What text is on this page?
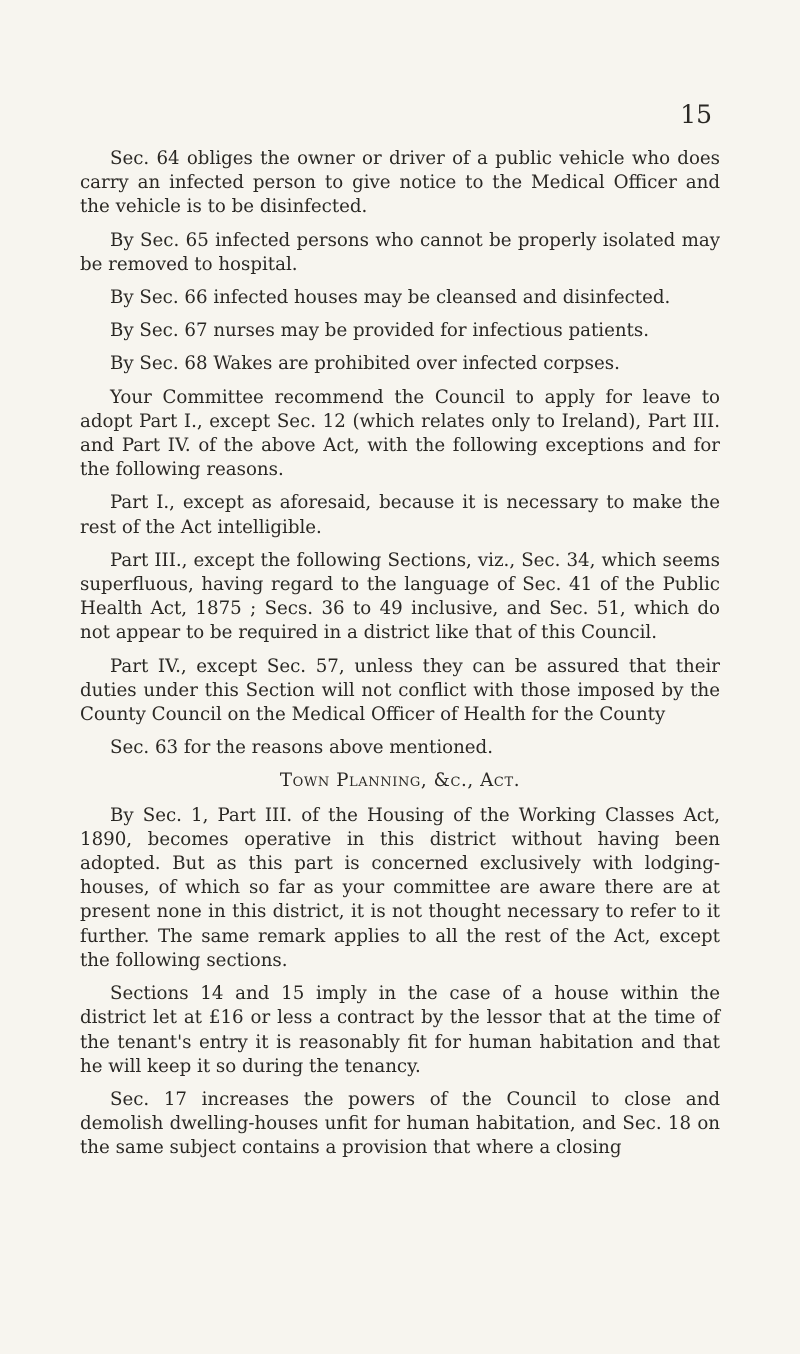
15

Sec. 64 obliges the owner or driver of a public vehicle who does carry an infected person to give notice to the Medical Officer and the vehicle is to be disinfected.

By Sec. 65 infected persons who cannot be properly isolated may be removed to hospital.

By Sec. 66 infected houses may be cleansed and disinfected.

By Sec. 67 nurses may be provided for infectious patients.

By Sec. 68 Wakes are prohibited over infected corpses.

Your Committee recommend the Council to apply for leave to adopt Part I., except Sec. 12 (which relates only to Ireland), Part III. and Part IV. of the above Act, with the following exceptions and for the following reasons.

Part I., except as aforesaid, because it is necessary to make the rest of the Act intelligible.

Part III., except the following Sections, viz., Sec. 34, which seems superfluous, having regard to the language of Sec. 41 of the Public Health Act, 1875 ; Secs. 36 to 49 inclusive, and Sec. 51, which do not appear to be required in a district like that of this Council.

Part IV., except Sec. 57, unless they can be assured that their duties under this Section will not conflict with those imposed by the County Council on the Medical Officer of Health for the County

Sec. 63 for the reasons above mentioned.

Town Planning, &c., Act.

By Sec. 1, Part III. of the Housing of the Working Classes Act, 1890, becomes operative in this district without having been adopted. But as this part is concerned exclusively with lodging-houses, of which so far as your committee are aware there are at present none in this district, it is not thought necessary to refer to it further. The same remark applies to all the rest of the Act, except the following sections.

Sections 14 and 15 imply in the case of a house within the district let at £16 or less a contract by the lessor that at the time of the tenant's entry it is reasonably fit for human habitation and that he will keep it so during the tenancy.

Sec. 17 increases the powers of the Council to close and demolish dwelling-houses unfit for human habitation, and Sec. 18 on the same subject contains a provision that where a closing
